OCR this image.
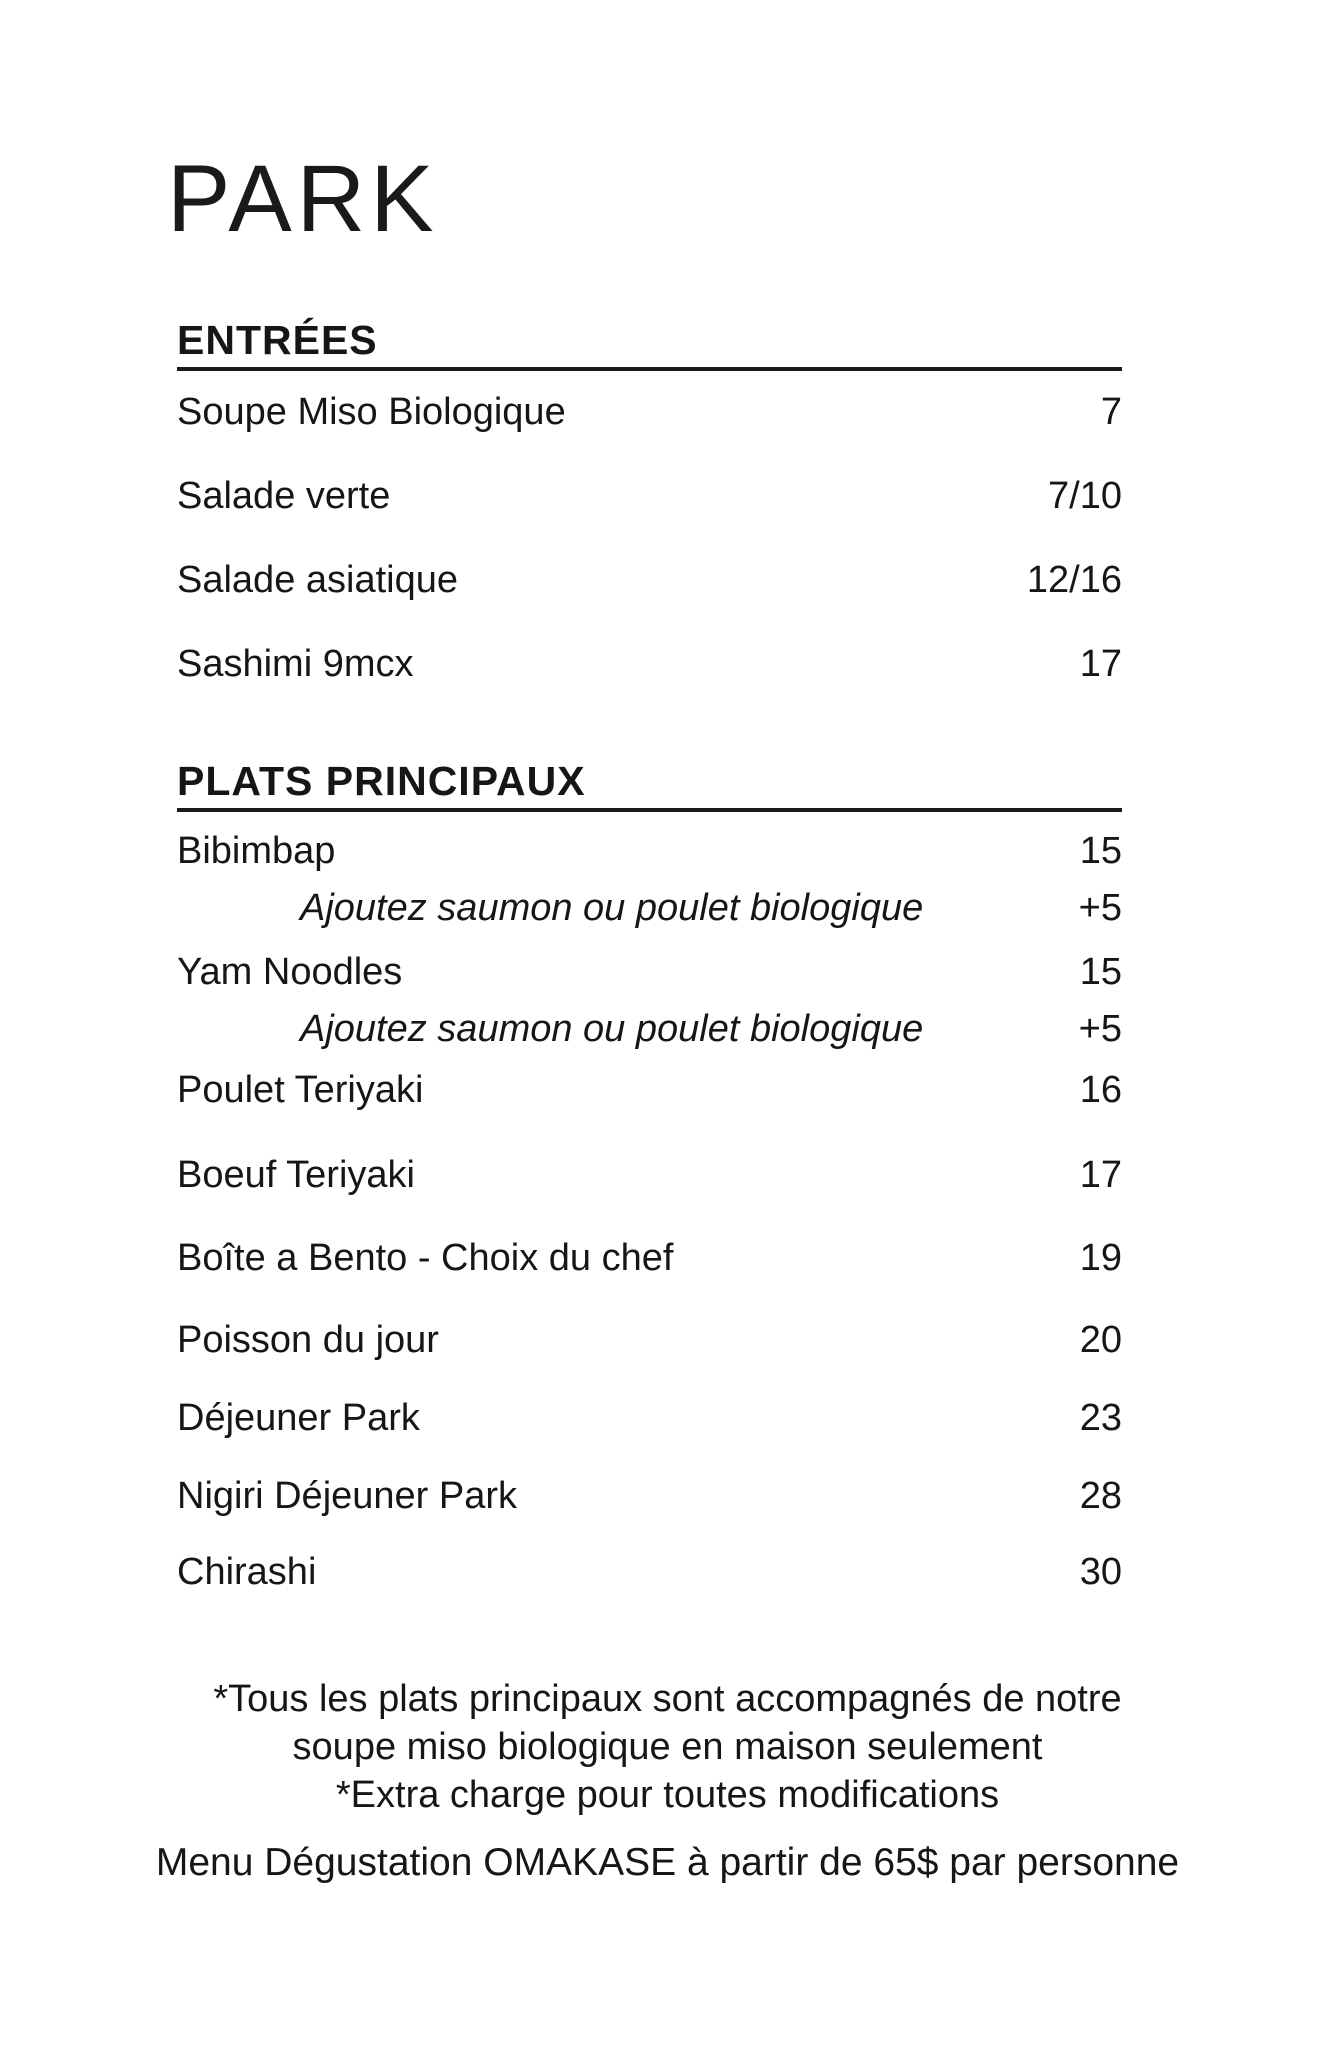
PARK
ENTRÉES
Soupe Miso Biologique	7
Salade verte	7/10
Salade asiatique	12/16
Sashimi 9mcx	17
PLATS PRINCIPAUX
Bibimbap	15
Ajoutez saumon ou poulet biologique	+5
Yam Noodles	15
Ajoutez saumon ou poulet biologique	+5
Poulet Teriyaki	16
Boeuf Teriyaki	17
Boîte a Bento - Choix du chef	19
Poisson du jour	20
Déjeuner Park	23
Nigiri Déjeuner Park	28
Chirashi	30
*Tous les plats principaux sont accompagnés de notre
soupe miso biologique en maison seulement
*Extra charge pour toutes modifications
Menu Dégustation OMAKASE à partir de 65$ par personne
